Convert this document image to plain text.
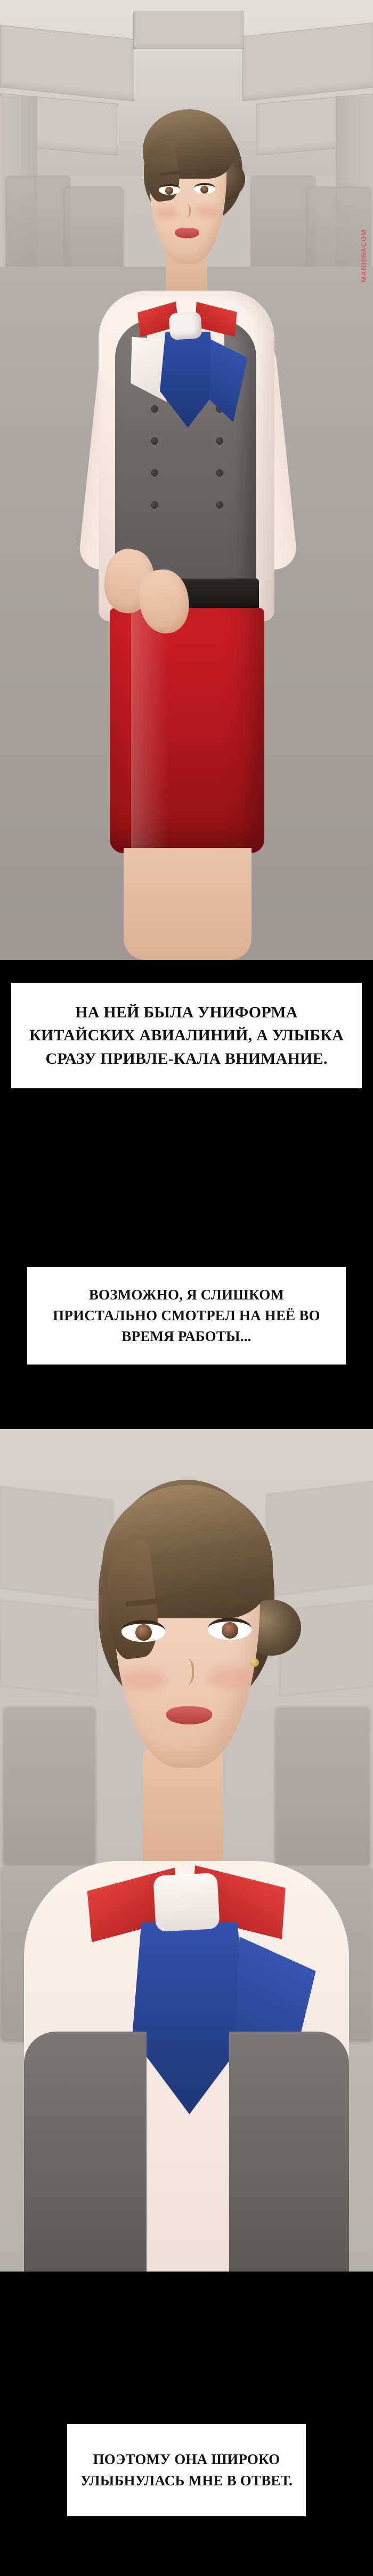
MANHWACOM

НА НЕЙ БЫЛА УНИФОРМА КИТАЙСКИХ АВИАЛИНИЙ, А УЛЫБКА СРАЗУ ПРИВЛЕ-КАЛА ВНИМАНИЕ.

ВОЗМОЖНО, Я СЛИШКОМ ПРИСТАЛЬНО СМОТРЕЛ НА НЕЁ ВО ВРЕМЯ РАБОТЫ...

ПОЭТОМУ ОНА ШИРОКО УЛЫБНУЛАСЬ МНЕ В ОТВЕТ.
